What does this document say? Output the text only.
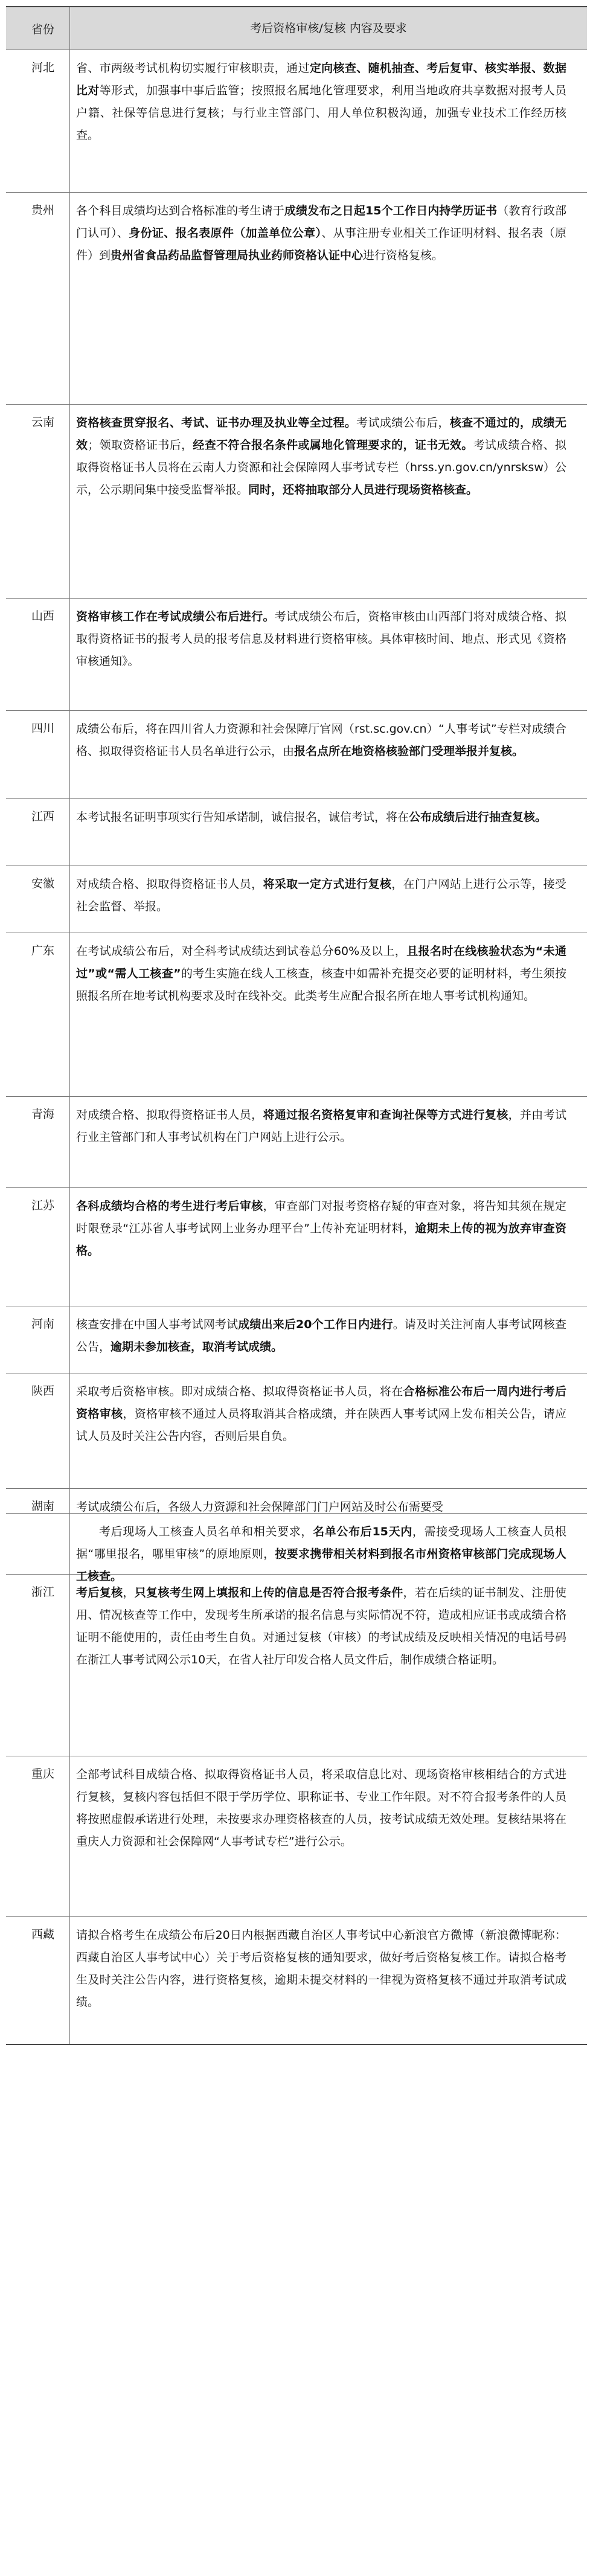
省份	考后资格审核/复核 内容及要求
河北	省、市两级考试机构切实履行审核职责，通过定向核查、随机抽查、考后复审、核实举报、数据比对等形式，加强事中事后监管；按照报名属地化管理要求，利用当地政府共享数据对报考人员户籍、社保等信息进行复核；与行业主管部门、用人单位积极沟通，加强专业技术工作经历核查。
贵州	各个科目成绩均达到合格标准的考生请于成绩发布之日起15个工作日内持学历证书（教育行政部门认可）、身份证、报名表原件（加盖单位公章）、从事注册专业相关工作证明材料、报名表（原件）到贵州省食品药品监督管理局执业药师资格认证中心进行资格复核。
云南	资格核查贯穿报名、考试、证书办理及执业等全过程。考试成绩公布后，核查不通过的，成绩无效；领取资格证书后，经查不符合报名条件或属地化管理要求的，证书无效。考试成绩合格、拟取得资格证书人员将在云南人力资源和社会保障网人事考试专栏（hrss.yn.gov.cn/ynrsksw）公示，公示期间集中接受监督举报。同时，还将抽取部分人员进行现场资格核查。
山西	资格审核工作在考试成绩公布后进行。考试成绩公布后，资格审核由山西部门将对成绩合格、拟取得资格证书的报考人员的报考信息及材料进行资格审核。具体审核时间、地点、形式见《资格审核通知》。
四川	成绩公布后，将在四川省人力资源和社会保障厅官网（rst.sc.gov.cn）“人事考试”专栏对成绩合格、拟取得资格证书人员名单进行公示，由报名点所在地资格核验部门受理举报并复核。
江西	本考试报名证明事项实行告知承诺制，诚信报名，诚信考试，将在公布成绩后进行抽查复核。
安徽	对成绩合格、拟取得资格证书人员，将采取一定方式进行复核，在门户网站上进行公示等，接受社会监督、举报。
广东	在考试成绩公布后，对全科考试成绩达到试卷总分60%及以上，且报名时在线核验状态为“未通过”或“需人工核查”的考生实施在线人工核查，核查中如需补充提交必要的证明材料，考生须按照报名所在地考试机构要求及时在线补交。此类考生应配合报名所在地人事考试机构通知。
青海	对成绩合格、拟取得资格证书人员，将通过报名资格复审和查询社保等方式进行复核，并由考试行业主管部门和人事考试机构在门户网站上进行公示。
江苏	各科成绩均合格的考生进行考后审核，审查部门对报考资格存疑的审查对象，将告知其须在规定时限登录“江苏省人事考试网上业务办理平台”上传补充证明材料，逾期未上传的视为放弃审查资格。
河南	核查安排在中国人事考试网考试成绩出来后20个工作日内进行。请及时关注河南人事考试网核查公告，逾期未参加核查，取消考试成绩。
陕西	采取考后资格审核。即对成绩合格、拟取得资格证书人员，将在合格标准公布后一周内进行考后资格审核，资格审核不通过人员将取消其合格成绩，并在陕西人事考试网上发布相关公告，请应试人员及时关注公告内容，否则后果自负。
湖南	考试成绩公布后，各级人力资源和社会保障部门门户网站及时公布需要受
考后现场人工核查人员名单和相关要求，名单公布后15天内，需接受现场人工核查人员根据“哪里报名，哪里审核”的原地原则，按要求携带相关材料到报名市州资格审核部门完成现场人工核查。
浙江	考后复核，只复核考生网上填报和上传的信息是否符合报考条件，若在后续的证书制发、注册使用、情况核查等工作中，发现考生所承诺的报名信息与实际情况不符，造成相应证书或成绩合格证明不能使用的，责任由考生自负。对通过复核（审核）的考试成绩及反映相关情况的电话号码在浙江人事考试网公示10天，在省人社厅印发合格人员文件后，制作成绩合格证明。
重庆	全部考试科目成绩合格、拟取得资格证书人员，将采取信息比对、现场资格审核相结合的方式进行复核，复核内容包括但不限于学历学位、职称证书、专业工作年限。对不符合报考条件的人员将按照虚假承诺进行处理，未按要求办理资格核查的人员，按考试成绩无效处理。复核结果将在重庆人力资源和社会保障网“人事考试专栏”进行公示。
西藏	请拟合格考生在成绩公布后20日内根据西藏自治区人事考试中心新浪官方微博（新浪微博昵称：西藏自治区人事考试中心）关于考后资格复核的通知要求，做好考后资格复核工作。请拟合格考生及时关注公告内容，进行资格复核，逾期未提交材料的一律视为资格复核不通过并取消考试成绩。
